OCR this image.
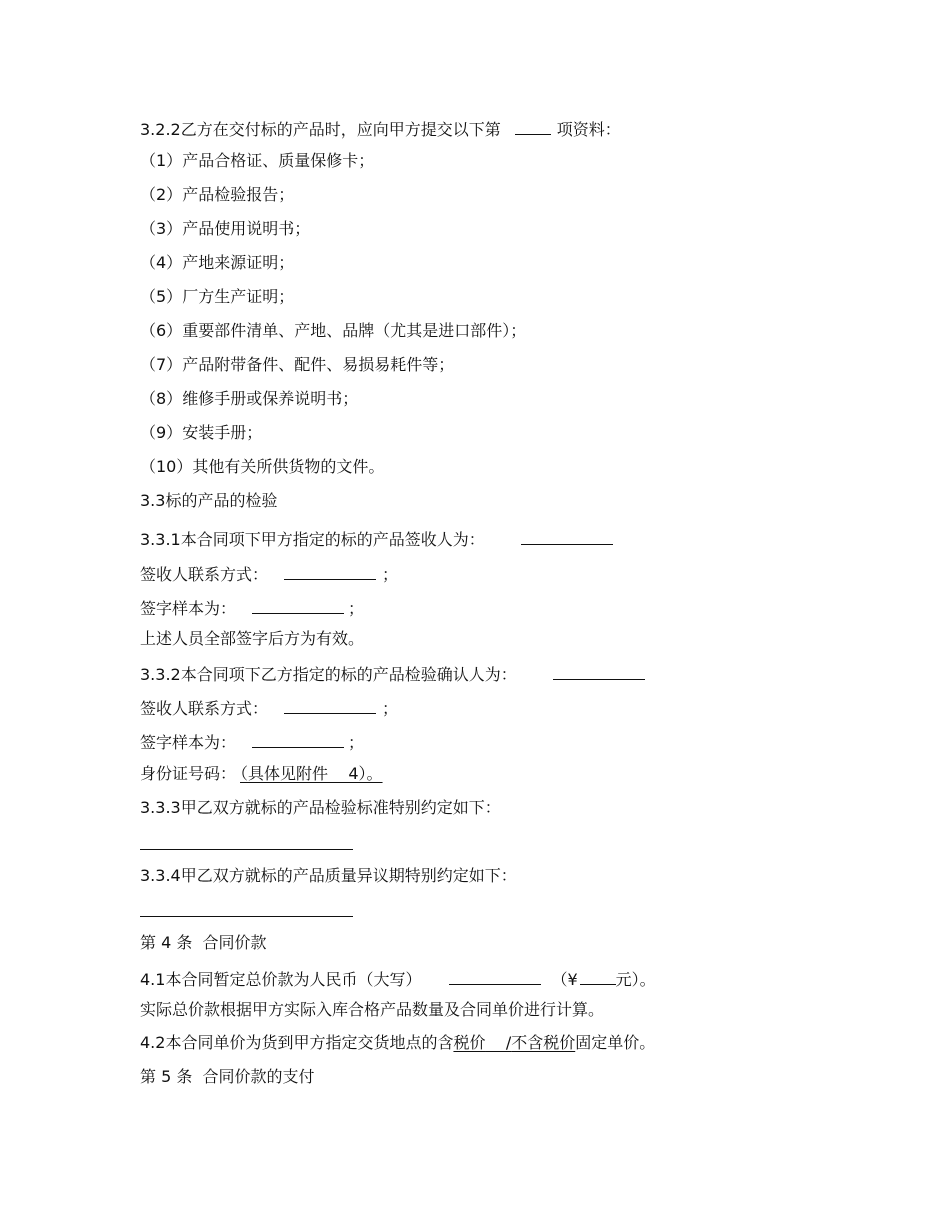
3.2.2乙方在交付标的产品时，应向甲方提交以下第	项资料：
（1）产品合格证、质量保修卡；
（2）产品检验报告；
（3）产品使用说明书；
（4）产地来源证明；
（5）厂方生产证明；
（6）重要部件清单、产地、品牌（尤其是进口部件）；
（7）产品附带备件、配件、易损易耗件等；
（8）维修手册或保养说明书；
（9）安装手册；
（10）其他有关所供货物的文件。
3.3标的产品的检验
3.3.1本合同项下甲方指定的标的产品签收人为：
签收人联系方式：	；
签字样本为：	；
上述人员全部签字后方为有效。
3.3.2本合同项下乙方指定的标的产品检验确认人为：
签收人联系方式：	；
签字样本为：	；
身份证号码： （具体见附件    4）。
3.3.3甲乙双方就标的产品检验标准特别约定如下：
3.3.4甲乙双方就标的产品质量异议期特别约定如下：
第 4 条  合同价款
4.1本合同暂定总价款为人民币（大写）	（¥ 元）。
实际总价款根据甲方实际入库合格产品数量及合同单价进行计算。
4.2本合同单价为货到甲方指定交货地点的含税价    /不含税价固定单价。
第 5 条  合同价款的支付
